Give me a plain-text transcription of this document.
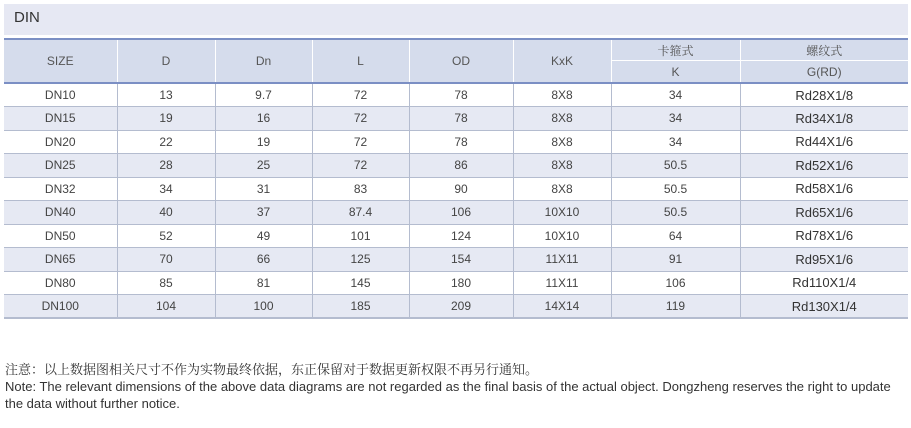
DIN
SIZE	D	Dn	L	OD	KxK	卡箍式	螺纹式
						K	G(RD)
DN10	13	9.7	72	78	8X8	34	Rd28X1/8
DN15	19	16	72	78	8X8	34	Rd34X1/8
DN20	22	19	72	78	8X8	34	Rd44X1/6
DN25	28	25	72	86	8X8	50.5	Rd52X1/6
DN32	34	31	83	90	8X8	50.5	Rd58X1/6
DN40	40	37	87.4	106	10X10	50.5	Rd65X1/6
DN50	52	49	101	124	10X10	64	Rd78X1/6
DN65	70	66	125	154	11X11	91	Rd95X1/6
DN80	85	81	145	180	11X11	106	Rd110X1/4
DN100	104	100	185	209	14X14	119	Rd130X1/4

注意：以上数据图相关尺寸不作为实物最终依据，东正保留对于数据更新权限不再另行通知。

Note: The relevant dimensions of the above data diagrams are not regarded as the final basis of the actual object. Dongzheng reserves the right to update the data without further notice.
